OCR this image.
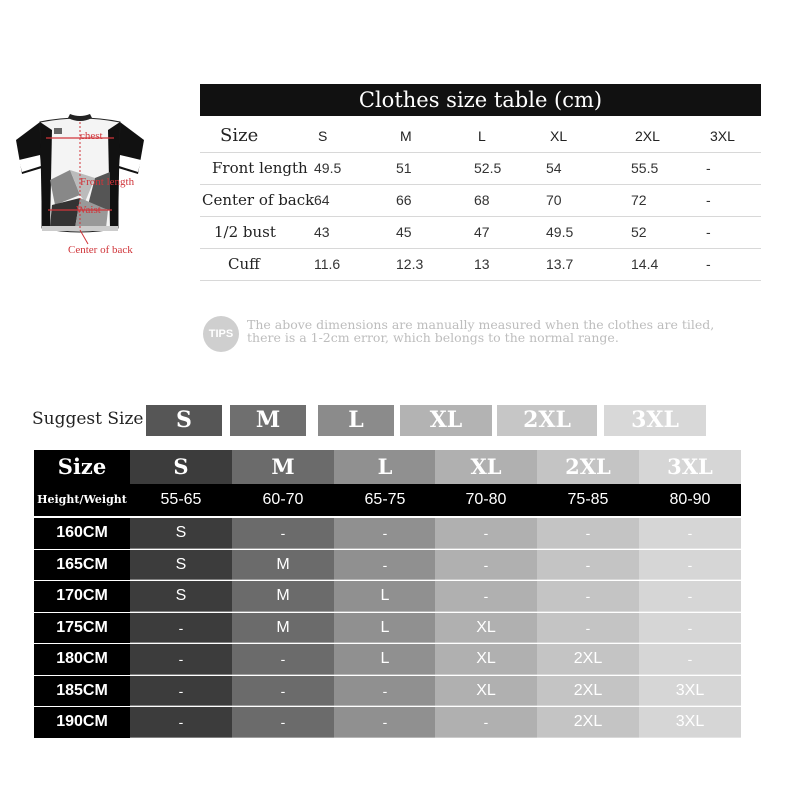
chest
Front length
Waist
Center of back
Clothes size table (cm)
Size	S	M	L	XL	2XL	3XL
Front length 49.5	51	52.5	54	55.5	-
Center of back 64	66	68	70	72	-
1/2 bust	43	45	47	49.5	52	-
Cuff	11.6	12.3	13	13.7	14.4	-
TIPS
The above dimensions are manually measured when the clothes are tiled,
there is a 1-2cm error, which belongs to the normal range.
Suggest Size	S	M	L	XL	2XL	3XL
Size	S	M	L	XL	2XL	3XL
Height/Weight	55-65	60-70	65-75	70-80	75-85	80-90
160CM	S	-	-	-	-	-
165CM	S	M	-	-	-	-
170CM	S	M	L	-	-	-
175CM	-	M	L	XL	-	-
180CM	-	-	L	XL	2XL	-
185CM	-	-	-	XL	2XL	3XL
190CM	-	-	-	-	2XL	3XL
